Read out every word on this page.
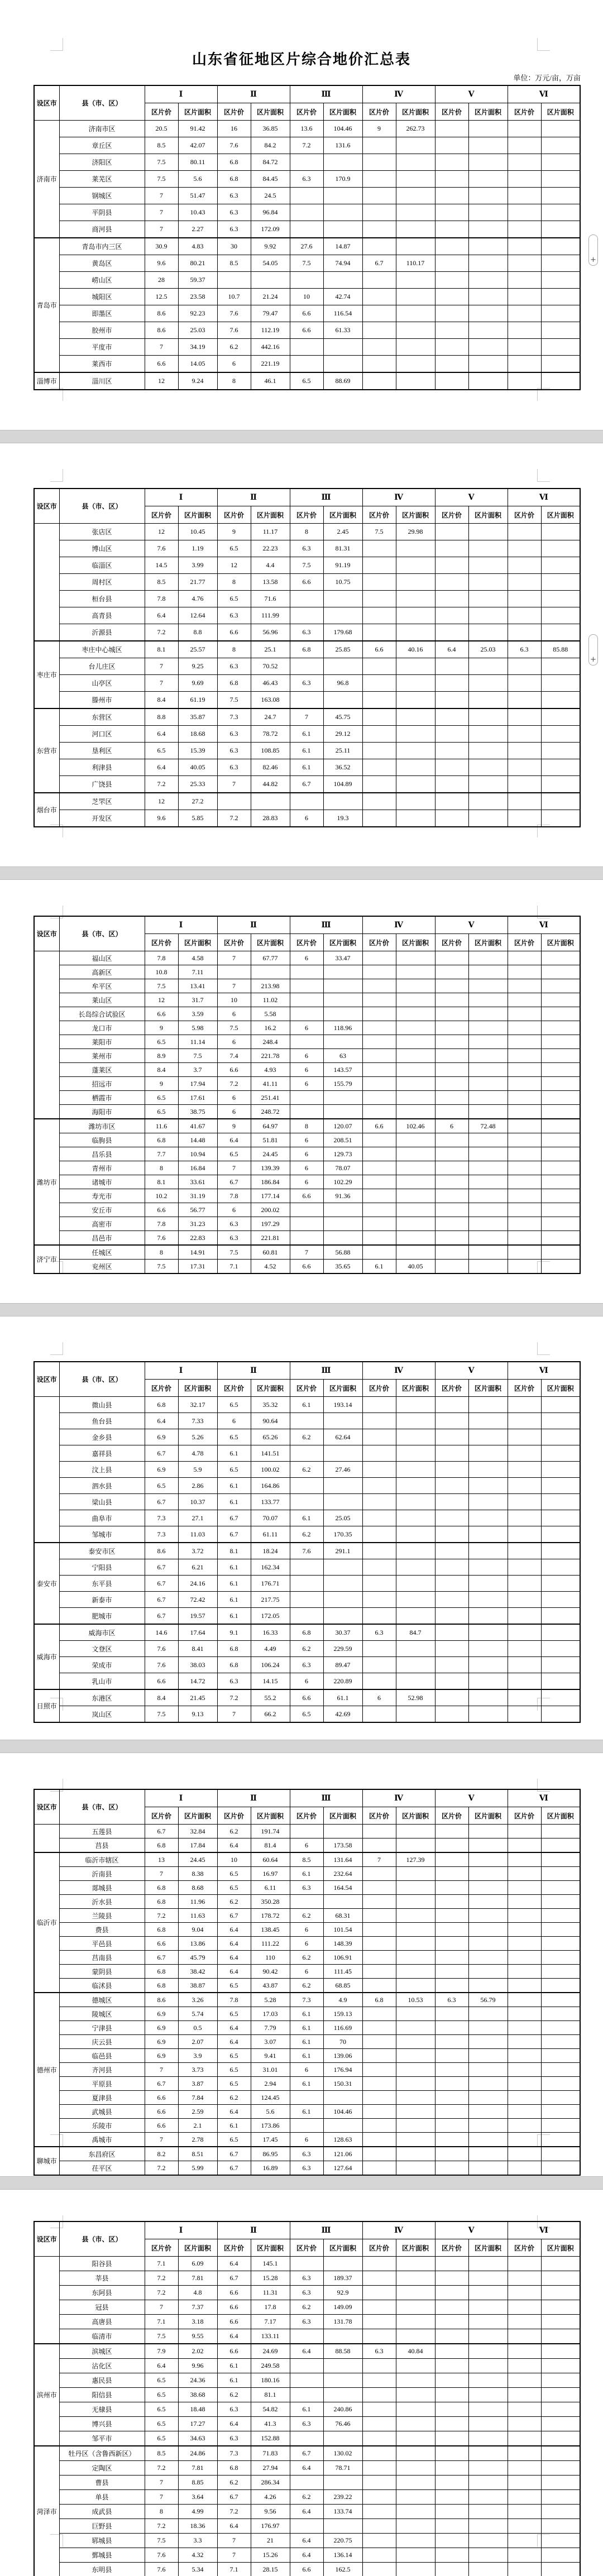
山东省征地区片综合地价汇总表
单位：万元/亩，万亩
设区市	县（市、区）	Ⅰ		Ⅱ		Ⅲ		Ⅳ		Ⅴ		Ⅵ	
		区片价	区片面积	区片价	区片面积	区片价	区片面积	区片价	区片面积	区片价	区片面积	区片价	区片面积
济南市	济南市区	20.5	91.42	16	36.85	13.6	104.46	9	262.73				
	章丘区	8.5	42.07	7.6	84.2	7.2	131.6						
	济阳区	7.5	80.11	6.8	84.72								
	莱芜区	7.5	5.6	6.8	84.45	6.3	170.9						
	钢城区	7	51.47	6.3	24.5								
	平阴县	7	10.43	6.3	96.84								
	商河县	7	2.27	6.3	172.09								
青岛市	青岛市内三区	30.9	4.83	30	9.92	27.6	14.87						
	黄岛区	9.6	80.21	8.5	54.05	7.5	74.94	6.7	110.17				
	崂山区	28	59.37										
	城阳区	12.5	23.58	10.7	21.24	10	42.74						
	即墨区	8.6	92.23	7.6	79.47	6.6	116.54						
	胶州市	8.6	25.03	7.6	112.19	6.6	61.33						
	平度市	7	34.19	6.2	442.16								
	莱西市	6.6	14.05	6	221.19								
淄博市	淄川区	12	9.24	8	46.1	6.5	88.69						
设区市	县（市、区）	Ⅰ		Ⅱ		Ⅲ		Ⅳ		Ⅴ		Ⅵ	
		区片价	区片面积	区片价	区片面积	区片价	区片面积	区片价	区片面积	区片价	区片面积	区片价	区片面积
	张店区	12	10.45	9	11.17	8	2.45	7.5	29.98				
	博山区	7.6	1.19	6.5	22.23	6.3	81.31						
	临淄区	14.5	3.99	12	4.4	7.5	91.19						
	周村区	8.5	21.77	8	13.58	6.6	10.75						
	桓台县	7.8	4.76	6.5	71.6								
	高青县	6.4	12.64	6.3	111.99								
	沂源县	7.2	8.8	6.6	56.96	6.3	179.68						
枣庄市	枣庄中心城区	8.1	25.57	8	25.1	6.8	25.85	6.6	40.16	6.4	25.03	6.3	85.88
	台儿庄区	7	9.25	6.3	70.52								
	山亭区	7	9.69	6.8	46.43	6.3	96.8						
	滕州市	8.4	61.19	7.5	163.08								
东营市	东营区	8.8	35.87	7.3	24.7	7	45.75						
	河口区	6.4	18.68	6.3	78.72	6.1	29.12						
	垦利区	6.5	15.39	6.3	108.85	6.1	25.11						
	利津县	6.4	40.05	6.3	82.46	6.1	36.52						
	广饶县	7.2	25.33	7	44.82	6.7	104.89						
烟台市	芝罘区	12	27.2										
	开发区	9.6	5.85	7.2	28.83	6	19.3						
设区市	县（市、区）	Ⅰ		Ⅱ		Ⅲ		Ⅳ		Ⅴ		Ⅵ	
		区片价	区片面积	区片价	区片面积	区片价	区片面积	区片价	区片面积	区片价	区片面积	区片价	区片面积
	福山区	7.8	4.58	7	67.77	6	33.47						
	高新区	10.8	7.11										
	牟平区	7.5	13.41	7	213.98								
	莱山区	12	31.7	10	11.02								
	长岛综合试验区	6.6	3.59	6	5.58								
	龙口市	9	5.98	7.5	16.2	6	118.96						
	莱阳市	6.5	11.14	6	248.4								
	莱州市	8.9	7.5	7.4	221.78	6	63						
	蓬莱区	8.4	3.7	6.6	4.93	6	143.57						
	招远市	9	17.94	7.2	41.11	6	155.79						
	栖霞市	6.5	17.61	6	251.41								
	海阳市	6.5	38.75	6	248.72								
潍坊市	潍坊市区	11.6	41.67	9	64.97	8	120.07	6.6	102.46	6	72.48		
	临朐县	6.8	14.48	6.4	51.81	6	208.51						
	昌乐县	7.7	10.94	6.5	24.45	6	129.73						
	青州市	8	16.84	7	139.39	6	78.07						
	诸城市	8.1	33.61	6.7	186.84	6	102.29						
	寿光市	10.2	31.19	7.8	177.14	6.6	91.36						
	安丘市	6.6	56.77	6	200.02								
	高密市	7.8	31.23	6.3	197.29								
	昌邑市	7.6	22.83	6.3	221.81								
济宁市	任城区	8	14.91	7.5	60.81	7	56.88						
	兖州区	7.5	17.31	7.1	4.52	6.6	35.65	6.1	40.05				
设区市	县（市、区）	Ⅰ		Ⅱ		Ⅲ		Ⅳ		Ⅴ		Ⅵ	
		区片价	区片面积	区片价	区片面积	区片价	区片面积	区片价	区片面积	区片价	区片面积	区片价	区片面积
	微山县	6.8	32.17	6.5	35.32	6.1	193.14						
	鱼台县	6.4	7.33	6	90.64								
	金乡县	6.9	5.26	6.5	65.26	6.2	62.64						
	嘉祥县	6.7	4.78	6.1	141.51								
	汶上县	6.9	5.9	6.5	100.02	6.2	27.46						
	泗水县	6.5	2.86	6.1	164.86								
	梁山县	6.7	10.37	6.1	133.77								
	曲阜市	7.3	27.1	6.7	70.07	6.1	25.05						
	邹城市	7.3	11.03	6.7	61.11	6.2	170.35						
泰安市	泰安市区	8.6	3.72	8.1	18.24	7.6	291.1						
	宁阳县	6.7	6.21	6.1	162.34								
	东平县	6.7	24.16	6.1	176.71								
	新泰市	6.7	72.42	6.1	217.75								
	肥城市	6.7	19.57	6.1	172.05								
威海市	威海市区	14.6	17.64	9.1	16.33	6.8	30.37	6.3	84.7				
	文登区	7.6	8.41	6.8	4.49	6.2	229.59						
	荣成市	7.6	38.03	6.8	106.24	6.3	89.47						
	乳山市	6.6	14.72	6.3	14.15	6	220.89						
日照市	东港区	8.4	21.45	7.2	55.2	6.6	61.1	6	52.98				
	岚山区	7.5	9.13	7	66.2	6.5	42.69						
设区市	县（市、区）	Ⅰ		Ⅱ		Ⅲ		Ⅳ		Ⅴ		Ⅵ	
		区片价	区片面积	区片价	区片面积	区片价	区片面积	区片价	区片面积	区片价	区片面积	区片价	区片面积
	五莲县	6.7	32.84	6.2	191.74								
	莒县	6.8	17.84	6.4	81.4	6	173.58						
临沂市	临沂市辖区	13	24.45	10	60.64	8.5	131.64	7	127.39				
	沂南县	7	8.38	6.5	16.97	6.1	232.64						
	郯城县	6.8	8.68	6.5	6.11	6.3	164.54						
	沂水县	6.8	11.96	6.2	350.28								
	兰陵县	7.2	11.63	6.7	178.72	6.2	68.31						
	费县	6.8	9.04	6.4	138.45	6	101.54						
	平邑县	6.6	13.86	6.4	111.22	6	148.39						
	莒南县	6.7	45.79	6.4	110	6.2	106.91						
	蒙阴县	6.8	38.42	6.4	90.42	6	111.45						
	临沭县	6.8	38.87	6.5	43.87	6.2	68.85						
德州市	德城区	8.6	3.26	7.8	5.28	7.3	4.9	6.8	10.53	6.3	56.79		
	陵城区	6.9	5.74	6.5	17.03	6.1	159.13						
	宁津县	6.9	0.5	6.4	7.79	6.1	116.69						
	庆云县	6.9	2.07	6.4	3.07	6.1	70						
	临邑县	6.9	3.9	6.5	9.41	6.1	139.06						
	齐河县	7	3.73	6.5	31.01	6	176.94						
	平原县	6.7	3.87	6.5	2.94	6.1	150.31						
	夏津县	6.6	7.84	6.2	124.45								
	武城县	6.6	2.59	6.4	5.6	6.1	104.46						
	乐陵市	6.6	2.1	6.1	173.86								
	禹城市	7	2.78	6.5	17.45	6	128.63						
聊城市	东昌府区	8.2	8.51	6.7	86.95	6.3	121.06						
	茌平区	7.2	5.99	6.7	16.89	6.3	127.64						
设区市	县（市、区）	Ⅰ		Ⅱ		Ⅲ		Ⅳ		Ⅴ		Ⅵ	
		区片价	区片面积	区片价	区片面积	区片价	区片面积	区片价	区片面积	区片价	区片面积	区片价	区片面积
	阳谷县	7.1	6.09	6.4	145.1								
	莘县	7.2	7.81	6.7	15.28	6.3	189.37						
	东阿县	7.2	4.8	6.6	11.31	6.3	92.9						
	冠县	7	7.37	6.6	17.8	6.2	149.09						
	高唐县	7.1	3.18	6.6	7.17	6.3	131.78						
	临清市	7.5	9.55	6.4	133.11								
滨州市	滨城区	7.9	2.02	6.6	24.69	6.4	88.58	6.3	40.84				
	沾化区	6.4	9.96	6.1	249.58								
	惠民县	6.5	24.36	6.1	180.16								
	阳信县	6.5	38.68	6.2	81.1								
	无棣县	6.5	18.48	6.3	54.82	6.1	240.86						
	博兴县	6.5	17.27	6.4	41.3	6.3	76.46						
	邹平市	6.5	34.63	6.3	152.88								
菏泽市	牡丹区（含鲁西新区）	8.5	24.86	7.3	71.83	6.7	130.02						
	定陶区	7.2	7.81	6.8	27.94	6.4	78.71						
	曹县	7	8.85	6.2	286.34								
	单县	7	3.64	6.7	4.26	6.2	239.22						
	成武县	8	4.99	7.2	9.56	6.4	133.74						
	巨野县	7.2	18.36	6.4	176.97								
	郓城县	7.5	3.3	7	21	6.4	220.75						
	鄄城县	7.6	4.32	7	15.26	6.4	136.14						
	东明县	7.6	5.34	7.1	28.15	6.6	162.5						
+
+
